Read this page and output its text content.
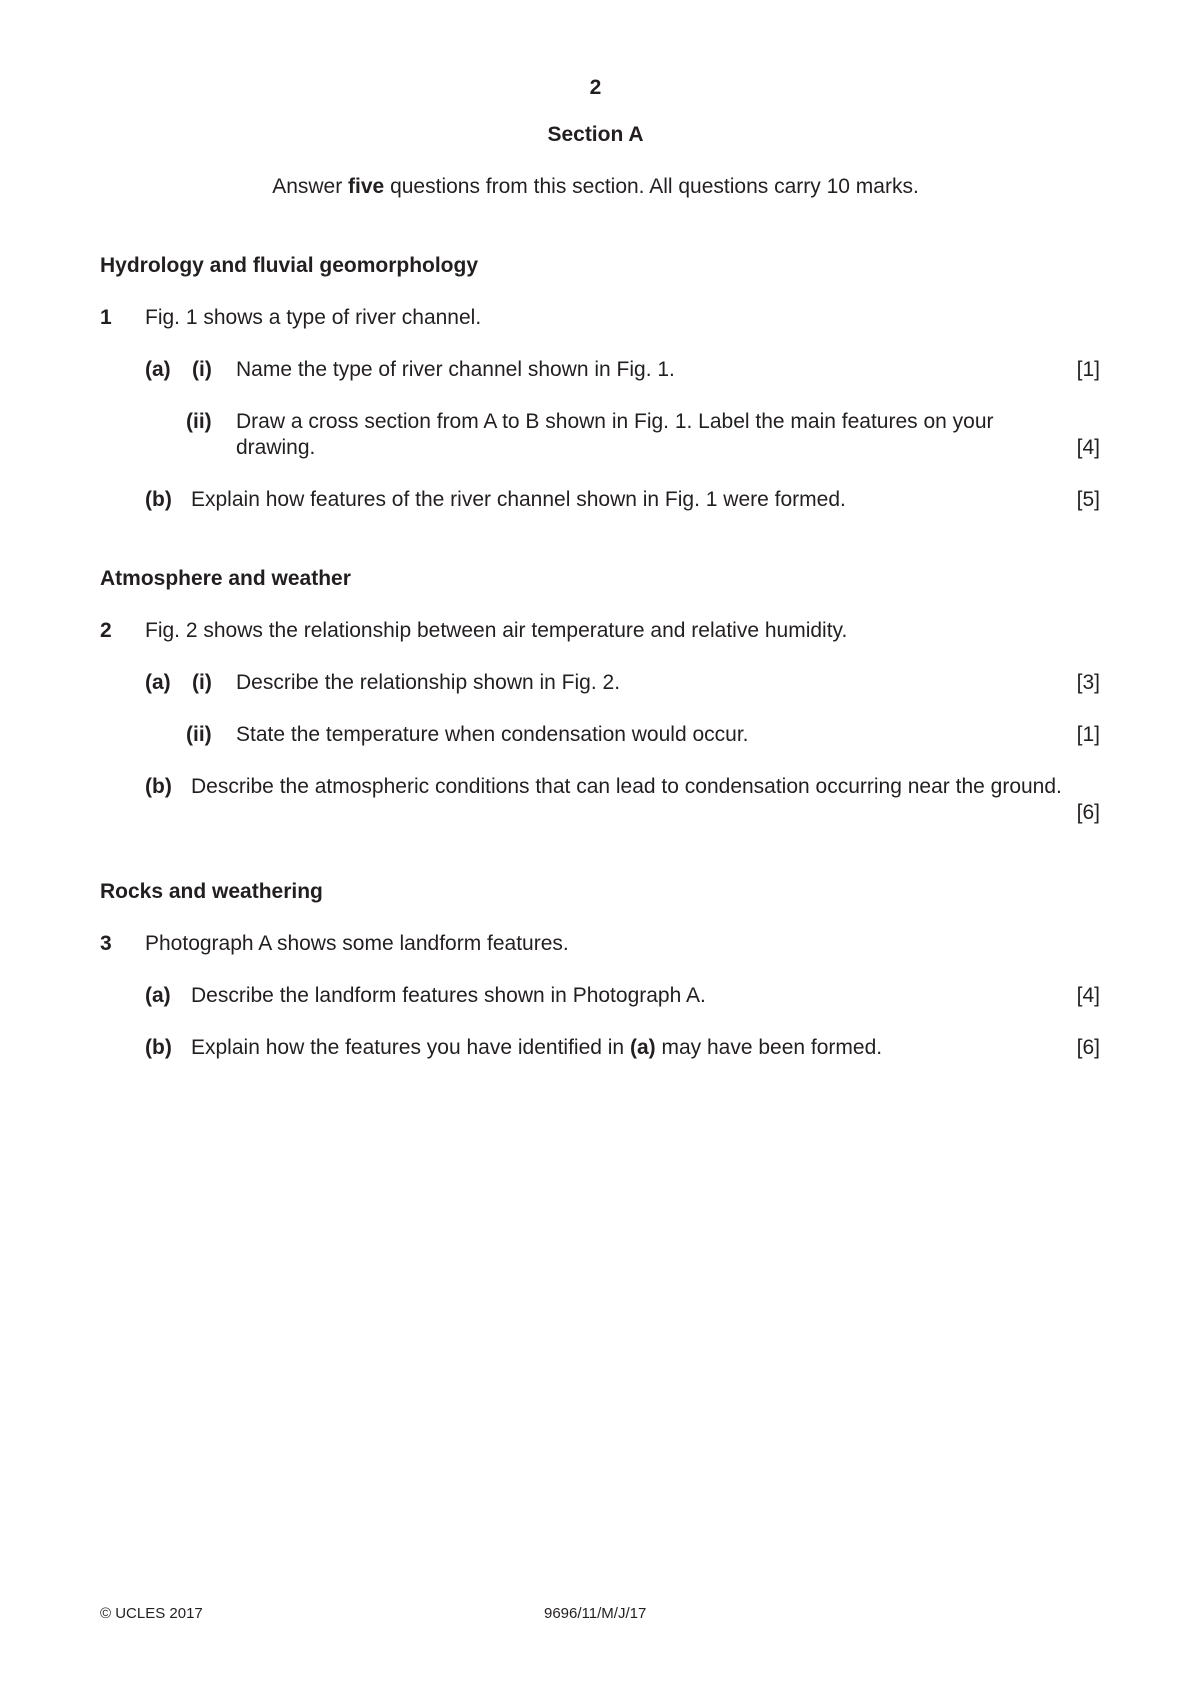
2
Section A
Answer five questions from this section. All questions carry 10 marks.
Hydrology and fluvial geomorphology
1 Fig. 1 shows a type of river channel.
(a) (i) Name the type of river channel shown in Fig. 1.	[1]
(ii) Draw a cross section from A to B shown in Fig. 1. Label the main features on your
drawing.	[4]
(b) Explain how features of the river channel shown in Fig. 1 were formed.	[5]
Atmosphere and weather
2 Fig. 2 shows the relationship between air temperature and relative humidity.
(a) (i) Describe the relationship shown in Fig. 2.	[3]
(ii) State the temperature when condensation would occur.	[1]
(b) Describe the atmospheric conditions that can lead to condensation occurring near the ground.
[6]
Rocks and weathering
3 Photograph A shows some landform features.
(a) Describe the landform features shown in Photograph A.	[4]
(b) Explain how the features you have identified in (a) may have been formed.	[6]
© UCLES 2017	9696/11/M/J/17
